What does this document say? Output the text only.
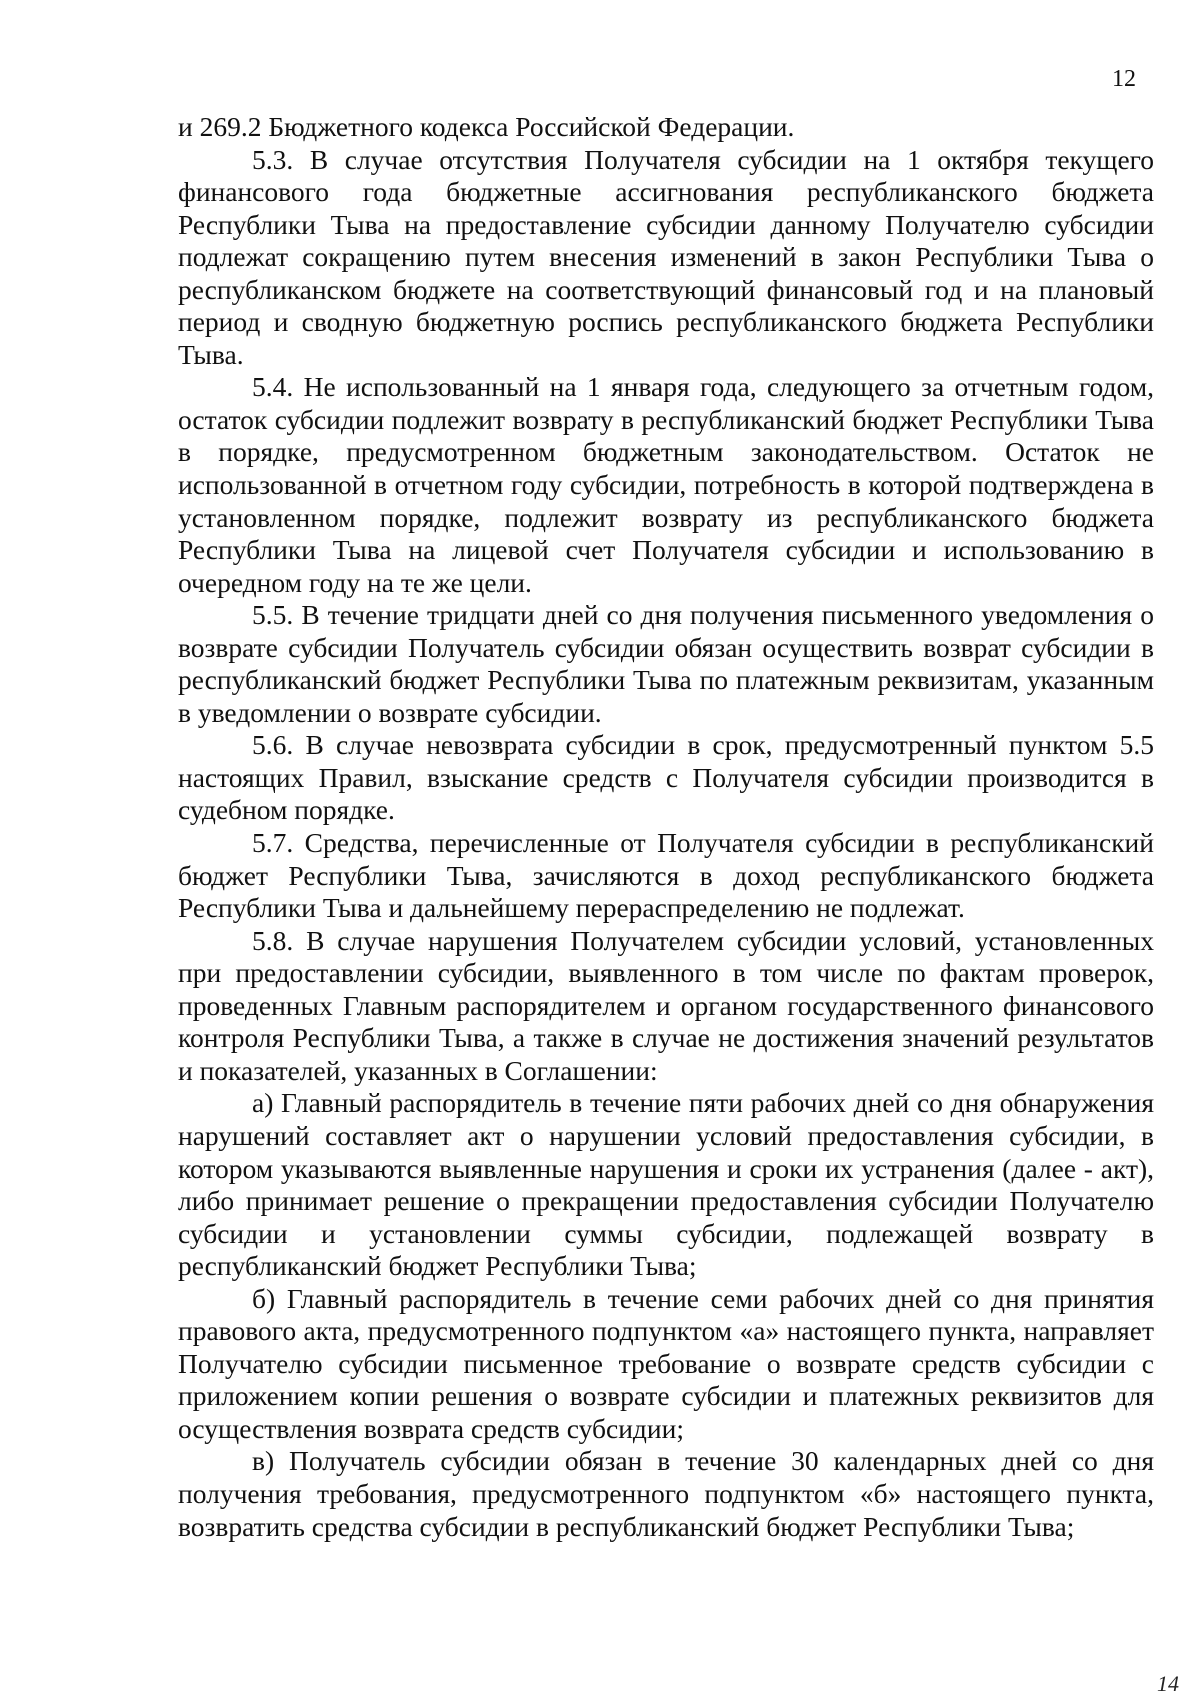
12

и 269.2 Бюджетного кодекса Российской Федерации.

5.3. В случае отсутствия Получателя субсидии на 1 октября текущего финансового года бюджетные ассигнования республиканского бюджета Республики Тыва на предоставление субсидии данному Получателю субсидии подлежат сокращению путем внесения изменений в закон Республики Тыва о республиканском бюджете на соответствующий финансовый год и на плановый период и сводную бюджетную роспись республиканского бюджета Республики Тыва.

5.4. Не использованный на 1 января года, следующего за отчетным годом, остаток субсидии подлежит возврату в республиканский бюджет Республики Тыва в порядке, предусмотренном бюджетным законодательством. Остаток не использованной в отчетном году субсидии, потребность в которой подтверждена в установленном порядке, подлежит возврату из республиканского бюджета Республики Тыва на лицевой счет Получателя субсидии и использованию в очередном году на те же цели.

5.5. В течение тридцати дней со дня получения письменного уведомления о возврате субсидии Получатель субсидии обязан осуществить возврат субсидии в республиканский бюджет Республики Тыва по платежным реквизитам, указанным в уведомлении о возврате субсидии.

5.6. В случае невозврата субсидии в срок, предусмотренный пунктом 5.5 настоящих Правил, взыскание средств с Получателя субсидии производится в судебном порядке.

5.7. Средства, перечисленные от Получателя субсидии в республиканский бюджет Республики Тыва, зачисляются в доход республиканского бюджета Республики Тыва и дальнейшему перераспределению не подлежат.

5.8. В случае нарушения Получателем субсидии условий, установленных при предоставлении субсидии, выявленного в том числе по фактам проверок, проведенных Главным распорядителем и органом государственного финансового контроля Республики Тыва, а также в случае не достижения значений результатов и показателей, указанных в Соглашении:

а) Главный распорядитель в течение пяти рабочих дней со дня обнаружения нарушений составляет акт о нарушении условий предоставления субсидии, в котором указываются выявленные нарушения и сроки их устранения (далее - акт), либо принимает решение о прекращении предоставления субсидии Получателю субсидии и установлении суммы субсидии, подлежащей возврату в республиканский бюджет Республики Тыва;

б) Главный распорядитель в течение семи рабочих дней со дня принятия правового акта, предусмотренного подпунктом «а» настоящего пункта, направляет Получателю субсидии письменное требование о возврате средств субсидии с приложением копии решения о возврате субсидии и платежных реквизитов для осуществления возврата средств субсидии;

в) Получатель субсидии обязан в течение 30 календарных дней со дня получения требования, предусмотренного подпунктом «б» настоящего пункта, возвратить средства субсидии в республиканский бюджет Республики Тыва;

14
